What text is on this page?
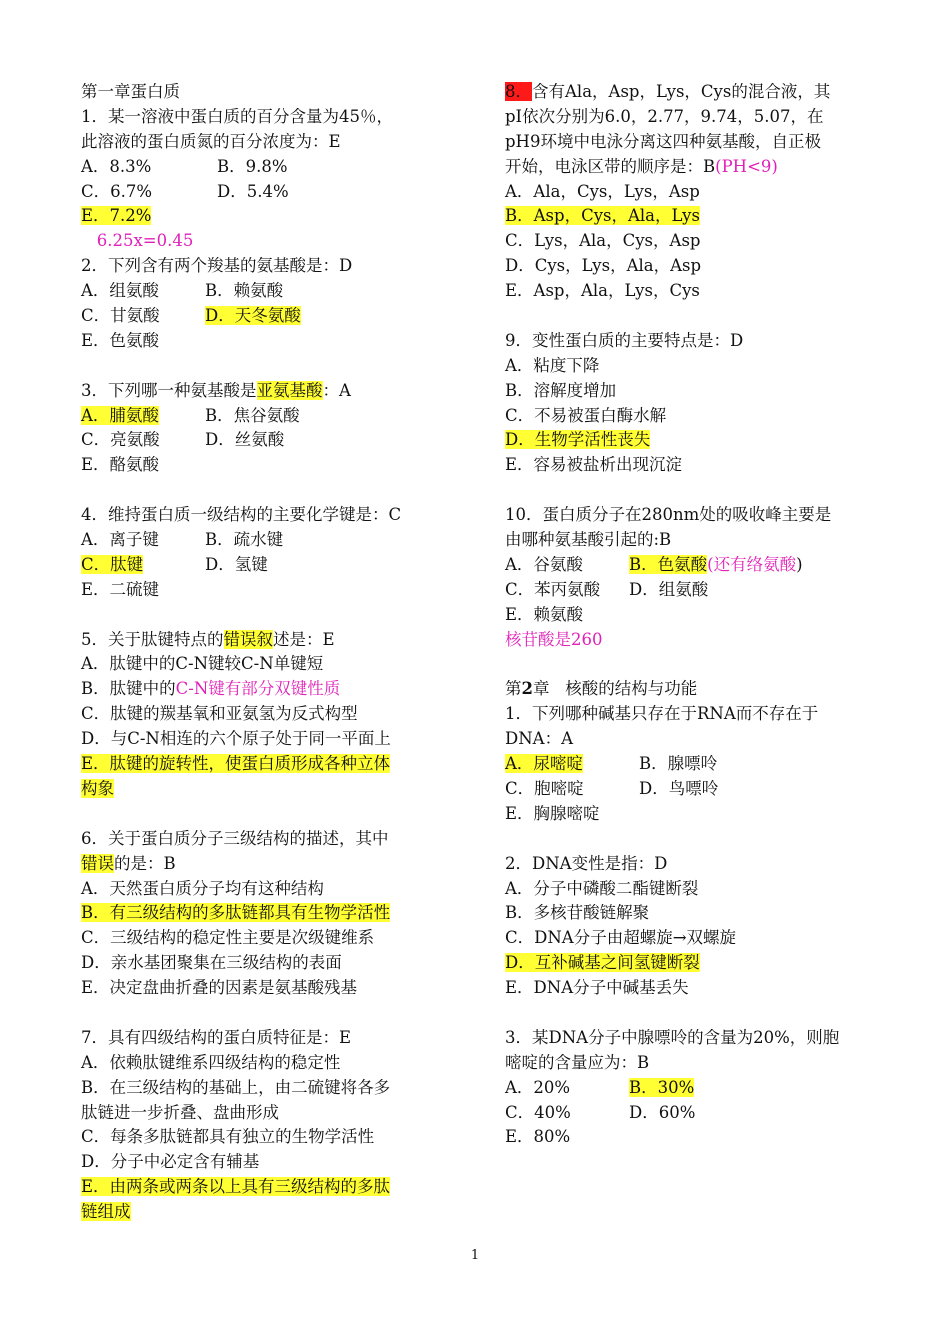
第一章蛋白质
1．某一溶液中蛋白质的百分含量为45％，
此溶液的蛋白质氮的百分浓度为：E
A．8.3%	B．9.8%
C．6.7%	D．5.4%
E．7.2%
6.25x=0.45
2．下列含有两个羧基的氨基酸是：D
A．组氨酸	B．赖氨酸
C．甘氨酸	D．天冬氨酸
E．色氨酸
3．下列哪一种氨基酸是亚氨基酸：A
A．脯氨酸	B．焦谷氨酸
C．亮氨酸	D．丝氨酸
E．酪氨酸
4．维持蛋白质一级结构的主要化学键是：C
A．离子键	B．疏水键
C．肽键	D．氢键
E．二硫键
5．关于肽键特点的错误叙述是：E
A．肽键中的C-N键较C-N单键短
B．肽键中的C-N键有部分双键性质
C．肽键的羰基氧和亚氨氢为反式构型
D．与C-N相连的六个原子处于同一平面上
E．肽键的旋转性，使蛋白质形成各种立体
构象
6．关于蛋白质分子三级结构的描述，其中
错误的是：B
A．天然蛋白质分子均有这种结构
B．有三级结构的多肽链都具有生物学活性
C．三级结构的稳定性主要是次级键维系
D．亲水基团聚集在三级结构的表面
E．决定盘曲折叠的因素是氨基酸残基
7．具有四级结构的蛋白质特征是：E
A．依赖肽键维系四级结构的稳定性
B．在三级结构的基础上，由二硫键将各多
肽链进一步折叠、盘曲形成
C．每条多肽链都具有独立的生物学活性
D．分子中必定含有辅基
E．由两条或两条以上具有三级结构的多肽
链组成
8．含有Ala，Asp，Lys，Cys的混合液，其
pI依次分别为6.0，2.77，9.74，5.07，在
pH9环境中电泳分离这四种氨基酸，自正极
开始，电泳区带的顺序是：B(PH<9)
A．Ala，Cys，Lys，Asp
B．Asp，Cys，Ala，Lys
C．Lys，Ala，Cys，Asp
D．Cys，Lys，Ala，Asp
E．Asp，Ala，Lys，Cys
9．变性蛋白质的主要特点是：D
A．粘度下降
B．溶解度增加
C．不易被蛋白酶水解
D．生物学活性丧失
E．容易被盐析出现沉淀
10．蛋白质分子在280nm处的吸收峰主要是
由哪种氨基酸引起的:B
A．谷氨酸	B．色氨酸(还有络氨酸)
C．苯丙氨酸 D．组氨酸
E．赖氨酸
核苷酸是260
第2章   核酸的结构与功能
1．下列哪种碱基只存在于RNA而不存在于
DNA：A
A．尿嘧啶	B．腺嘌呤
C．胞嘧啶	D．鸟嘌呤
E．胸腺嘧啶
2．DNA变性是指：D
A．分子中磷酸二酯键断裂
B．多核苷酸链解聚
C．DNA分子由超螺旋→双螺旋
D．互补碱基之间氢键断裂
E．DNA分子中碱基丢失
3．某DNA分子中腺嘌呤的含量为20%，则胞
嘧啶的含量应为：B
A．20%	B．30%
C．40%	D．60%
E．80%
1
